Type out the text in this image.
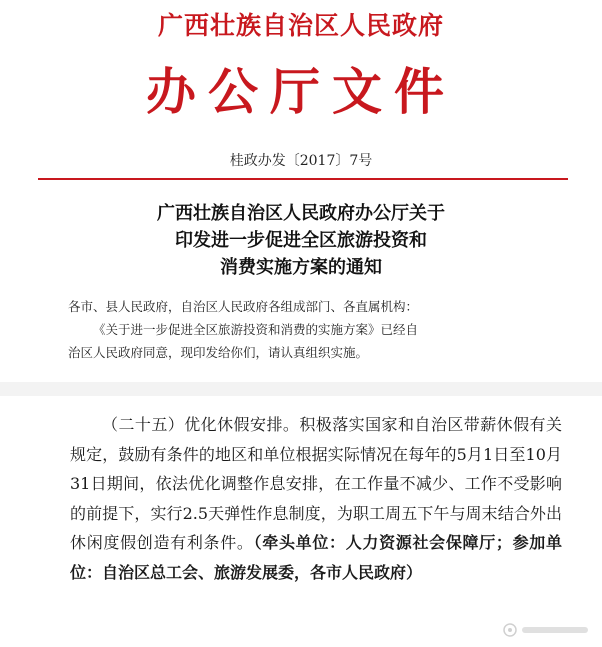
广西壮族自治区人民政府
办公厅文件
桂政办发〔2017〕7号
广西壮族自治区人民政府办公厅关于
印发进一步促进全区旅游投资和
消费实施方案的通知

各市、县人民政府，自治区人民政府各组成部门、各直属机构：

《关于进一步促进全区旅游投资和消费的实施方案》已经自

治区人民政府同意，现印发给你们，请认真组织实施。

（二十五）优化休假安排。积极落实国家和自治区带薪休假有关规定，鼓励有条件的地区和单位根据实际情况在每年的5月1日至10月31日期间，依法优化调整作息安排，在工作量不减少、工作不受影响的前提下，实行2.5天弹性作息制度，为职工周五下午与周末结合外出休闲度假创造有利条件。（牵头单位：人力资源社会保障厅；参加单位：自治区总工会、旅游发展委，各市人民政府）
